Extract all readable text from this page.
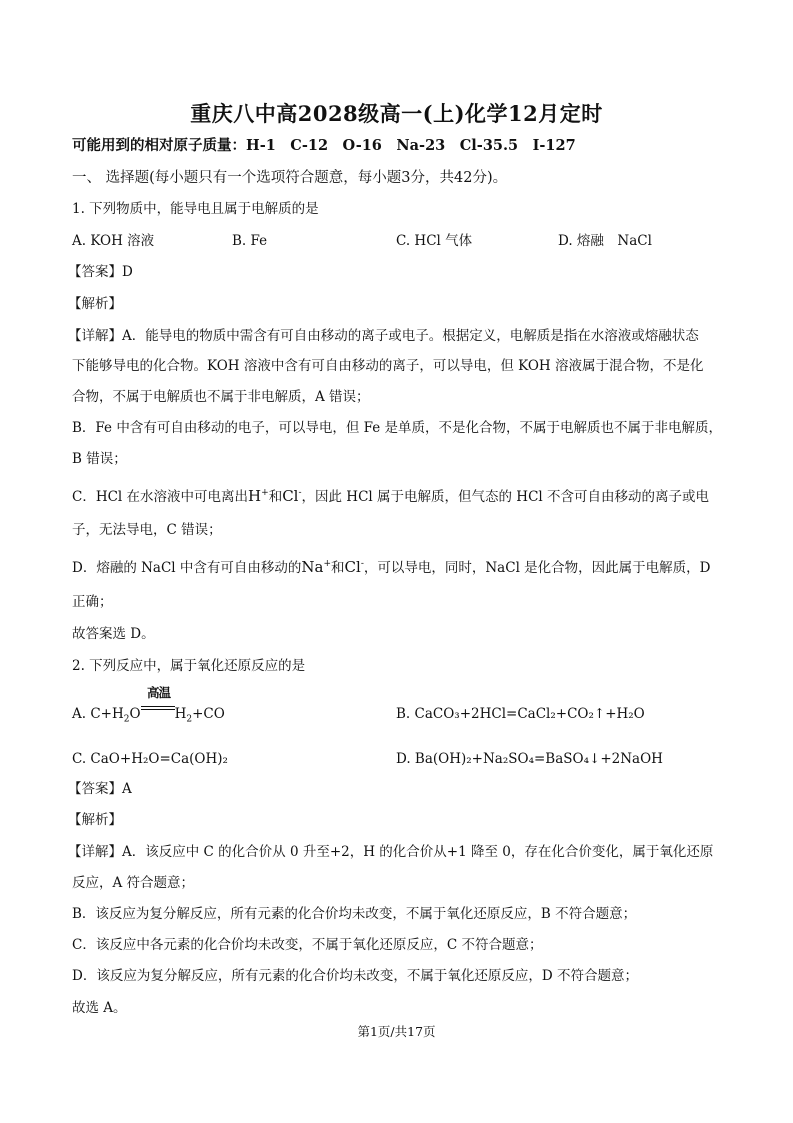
重庆八中高2028级高一(上)化学12月定时
可能用到的相对原子质量：H-1　C-12　O-16　Na-23　Cl-35.5　I-127
一、 选择题(每小题只有一个选项符合题意，每小题3分，共42分)。
1. 下列物质中，能导电且属于电解质的是
A. KOH 溶液	B. Fe	C. HCl 气体	D. 熔融　NaCl
【答案】D
【解析】
【详解】A．能导电的物质中需含有可自由移动的离子或电子。根据定义，电解质是指在水溶液或熔融状态
下能够导电的化合物。KOH 溶液中含有可自由移动的离子，可以导电，但 KOH 溶液属于混合物，不是化
合物，不属于电解质也不属于非电解质，A 错误；
B．Fe 中含有可自由移动的电子，可以导电，但 Fe 是单质，不是化合物，不属于电解质也不属于非电解质，
B 错误；
C．HCl 在水溶液中可电离出H+和Cl-，因此 HCl 属于电解质，但气态的 HCl 不含可自由移动的离子或电
子，无法导电，C 错误；
D．熔融的 NaCl 中含有可自由移动的Na+和Cl-，可以导电，同时，NaCl 是化合物，因此属于电解质，D
正确；
故答案选 D。
2. 下列反应中，属于氧化还原反应的是
A. $C+H_2O$
高温
$H_2+CO$	B. CaCO₃+2HCl=CaCl₂+CO₂↑+H₂O
C. CaO+H₂O=Ca(OH)₂	D. Ba(OH)₂+Na₂SO₄=BaSO₄↓+2NaOH
【答案】A
【解析】
【详解】A．该反应中 C 的化合价从 0 升至+2，H 的化合价从+1 降至 0，存在化合价变化，属于氧化还原
反应，A 符合题意；
B．该反应为复分解反应，所有元素的化合价均未改变，不属于氧化还原反应，B 不符合题意；
C．该反应中各元素的化合价均未改变，不属于氧化还原反应，C 不符合题意；
D．该反应为复分解反应，所有元素的化合价均未改变，不属于氧化还原反应，D 不符合题意；
故选 A。
第1页/共17页
